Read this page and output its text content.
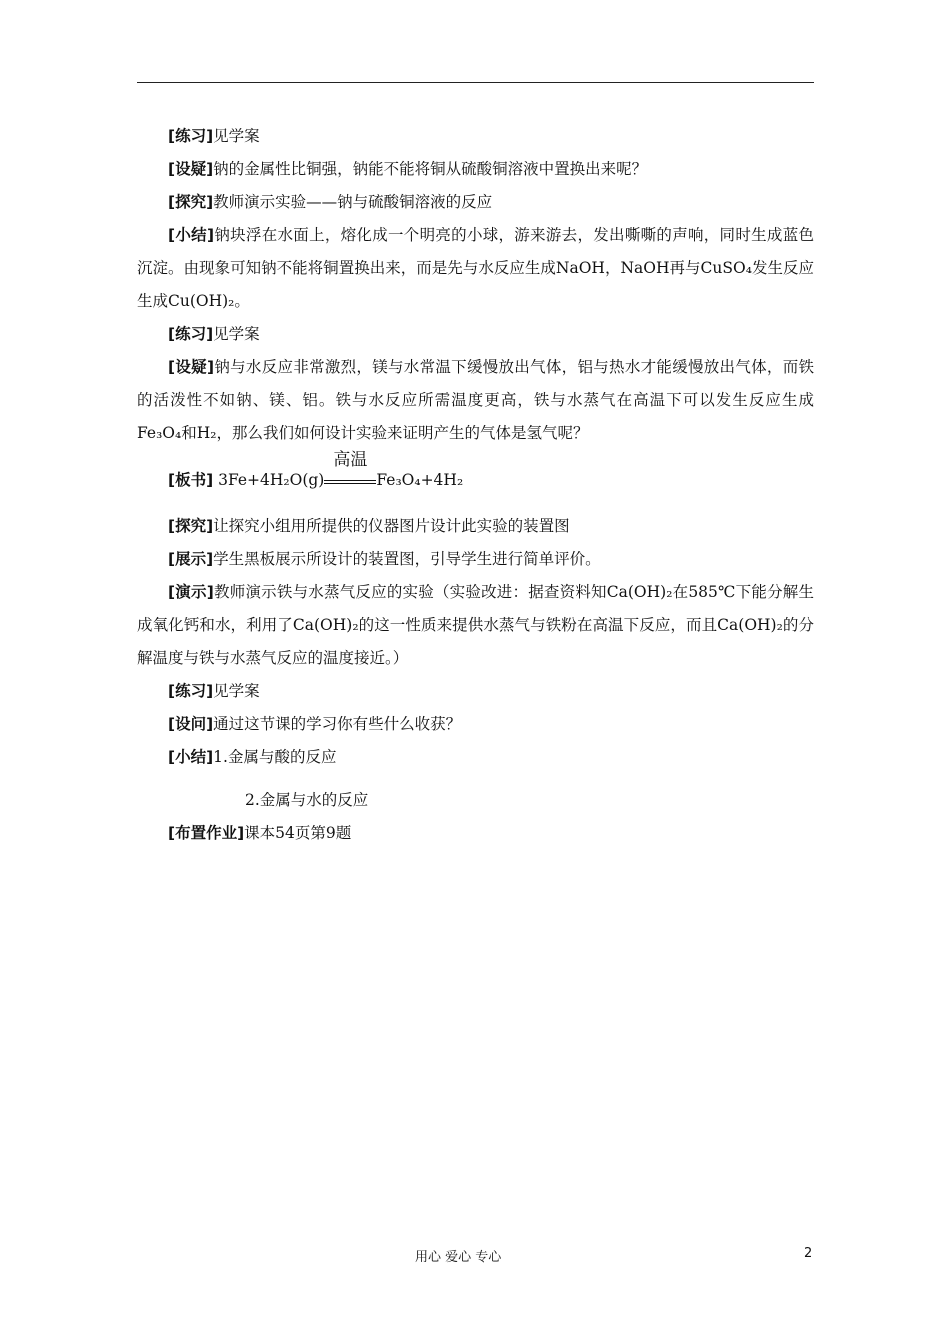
[练习]见学案

[设疑]钠的金属性比铜强，钠能不能将铜从硫酸铜溶液中置换出来呢？

[探究]教师演示实验——钠与硫酸铜溶液的反应

[小结]钠块浮在水面上，熔化成一个明亮的小球，游来游去，发出嘶嘶的声响，同时生成蓝色沉淀。由现象可知钠不能将铜置换出来，而是先与水反应生成NaOH，NaOH再与CuSO₄发生反应生成Cu(OH)₂。

[练习]见学案

[设疑]钠与水反应非常激烈，镁与水常温下缓慢放出气体，铝与热水才能缓慢放出气体，而铁的活泼性不如钠、镁、铝。铁与水反应所需温度更高，铁与水蒸气在高温下可以发生反应生成Fe₃O₄和H₂，那么我们如何设计实验来证明产生的气体是氢气呢？

[板书] 3Fe+4H₂O(g)
高温
Fe₃O₄+4H₂

[探究]让探究小组用所提供的仪器图片设计此实验的装置图

[展示]学生黑板展示所设计的装置图，引导学生进行简单评价。

[演示]教师演示铁与水蒸气反应的实验（实验改进：据查资料知Ca(OH)₂在585℃下能分解生成氧化钙和水，利用了Ca(OH)₂的这一性质来提供水蒸气与铁粉在高温下反应，而且Ca(OH)₂的分解温度与铁与水蒸气反应的温度接近。）

[练习]见学案

[设问]通过这节课的学习你有些什么收获？

[小结]1.金属与酸的反应

2.金属与水的反应

[布置作业]课本54页第9题

用心 爱心 专心	2
